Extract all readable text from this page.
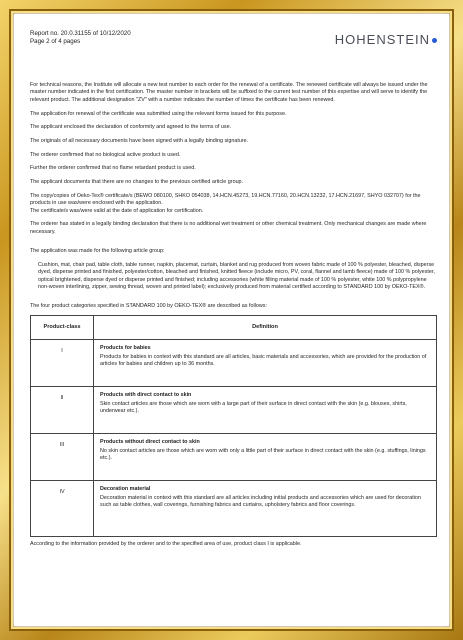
Report no. 20.0.31155 of 10/12/2020
Page 2 of 4 pages	HOHENSTEIN

For technical reasons, the Institute will allocate a new test number to each order for the renewal of a certificate. The renewed certificate will always be issued under the master number indicated in the first certification. The master number in brackets will be suffixed to the current test number of this expertise and will serve to identify the relevant product. The additional designation "ZV" with a number indicates the number of times the certificate has been renewed.

The application for renewal of the certificate was submitted using the relevant forms issued for this purpose.

The applicant enclosed the declaration of conformity and agreed to the terms of use.

The originals of all necessary documents have been signed with a legally binding signature.

The orderer confirmed that no biological active product is used.

Further the orderer confirmed that no flame retardant product is used.

The applicant documents that there are no changes to the previous certified article group.

The copy/copies of Oeko-Tex® certificate/s (BEWO 080100, SHKO 054038, 14.HCN.45273, 19.HCN.77160, 20.HCN.13232, 17.HCN.21697, SHYO 032707) for the products in use was/were enclosed with the application.
The certificate/s was/were valid at the date of application for certification.

The orderer has stated in a legally binding declaration that there is no additional wet treatment or other chemical treatment. Only mechanical changes are made where necessary.

The application was made for the following article group:

Cushion, mat, chair pad, table cloth, table runner, napkin, placemat, curtain, blanket and rug produced from woven fabric made of 100 % polyester, bleached, disperse dyed, disperse printed and finished, polyester/cotton, bleached and finished, knitted fleece (include micro, PV, coral, flannel and lamb fleece) made of 100 % polyester, optical brightened, disperse dyed or disperse printed and finished; including accessories (white filling material made of 100 % polyester, white 100 % polypropylene non-woven interlining, zipper, sewing thread, woven and printed label); exclusively produced from material certified according to STANDARD 100 by OEKO-TEX®.

The four product categories specified in STANDARD 100 by OEKO-TEX® are described as follows:

Product-class	Definition
I	Products for babies
Products for babies in context with this standard are all articles, basic materials and accessories, which are provided for the production of articles for babies and children up to 36 months.

II	Products with direct contact to skin
Skin contact articles are those which are worn with a large part of their surface in direct contact with the skin (e.g. blouses, shirts, underwear etc.).

III	Products without direct contact to skin
No skin contact articles are those which are worn with only a little part of their surface in direct contact with the skin (e.g. stuffings, linings etc.).

IV	Decoration material
Decoration material in context with this standard are all articles including initial products and accessories which are used for decoration such as table clothes, wall coverings, furnishing fabrics and curtains, upholstery fabrics and floor coverings.

According to the information provided by the orderer and to the specified area of use, product class I is applicable.
